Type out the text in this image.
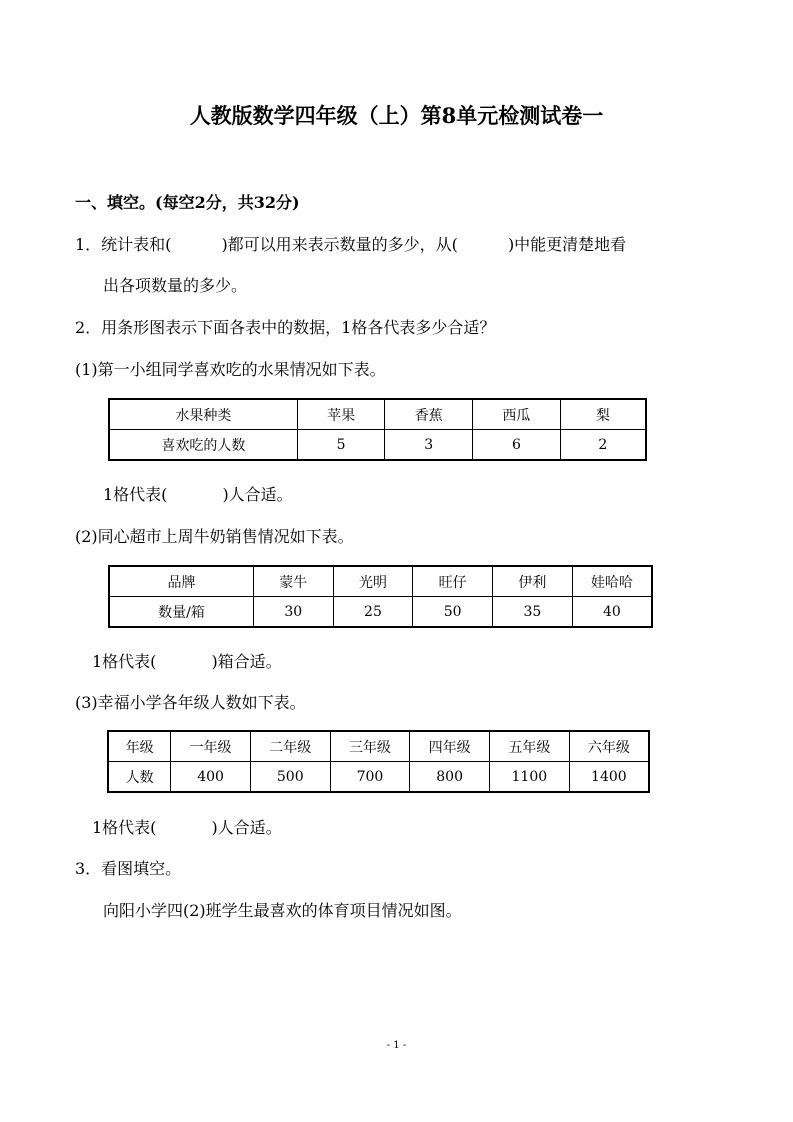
人教版数学四年级（上）第8单元检测试卷一
一、填空。(每空2分，共32分)
1．统计表和(	)都可以用来表示数量的多少，从(	)中能更清楚地看
出各项数量的多少。
2．用条形图表示下面各表中的数据，1格各代表多少合适？
(1)第一小组同学喜欢吃的水果情况如下表。
水果种类	苹果	香蕉	西瓜	梨
喜欢吃的人数	5	3	6	2
1格代表(	)人合适。
(2)同心超市上周牛奶销售情况如下表。
品牌	蒙牛	光明	旺仔	伊利	娃哈哈
数量/箱	30	25	50	35	40
1格代表(	)箱合适。
(3)幸福小学各年级人数如下表。
年级	一年级	二年级	三年级	四年级	五年级	六年级
人数	400	500	700	800	1100	1400
1格代表(	)人合适。
3．看图填空。
向阳小学四(2)班学生最喜欢的体育项目情况如图。
- 1 -
